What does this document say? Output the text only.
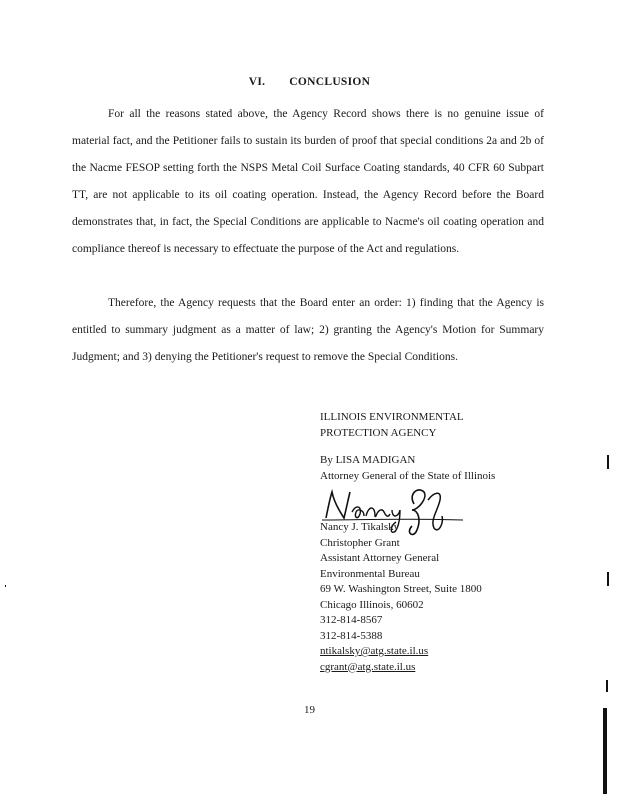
VI. CONCLUSION

For all the reasons stated above, the Agency Record shows there is no genuine issue of material fact, and the Petitioner fails to sustain its burden of proof that special conditions 2a and 2b of the Nacme FESOP setting forth the NSPS Metal Coil Surface Coating standards, 40 CFR 60 Subpart TT, are not applicable to its oil coating operation. Instead, the Agency Record before the Board demonstrates that, in fact, the Special Conditions are applicable to Nacme's oil coating operation and compliance thereof is necessary to effectuate the purpose of the Act and regulations.

Therefore, the Agency requests that the Board enter an order: 1) finding that the Agency is entitled to summary judgment as a matter of law; 2) granting the Agency's Motion for Summary Judgment; and 3) denying the Petitioner's request to remove the Special Conditions.

ILLINOIS ENVIRONMENTAL
PROTECTION AGENCY
By LISA MADIGAN
Attorney General of the State of Illinois
Nancy J. Tikalsky
Christopher Grant
Assistant Attorney General
Environmental Bureau
69 W. Washington Street, Suite 1800
Chicago Illinois, 60602
312-814-8567
312-814-5388
ntikalsky@atg.state.il.us
cgrant@atg.state.il.us
19
